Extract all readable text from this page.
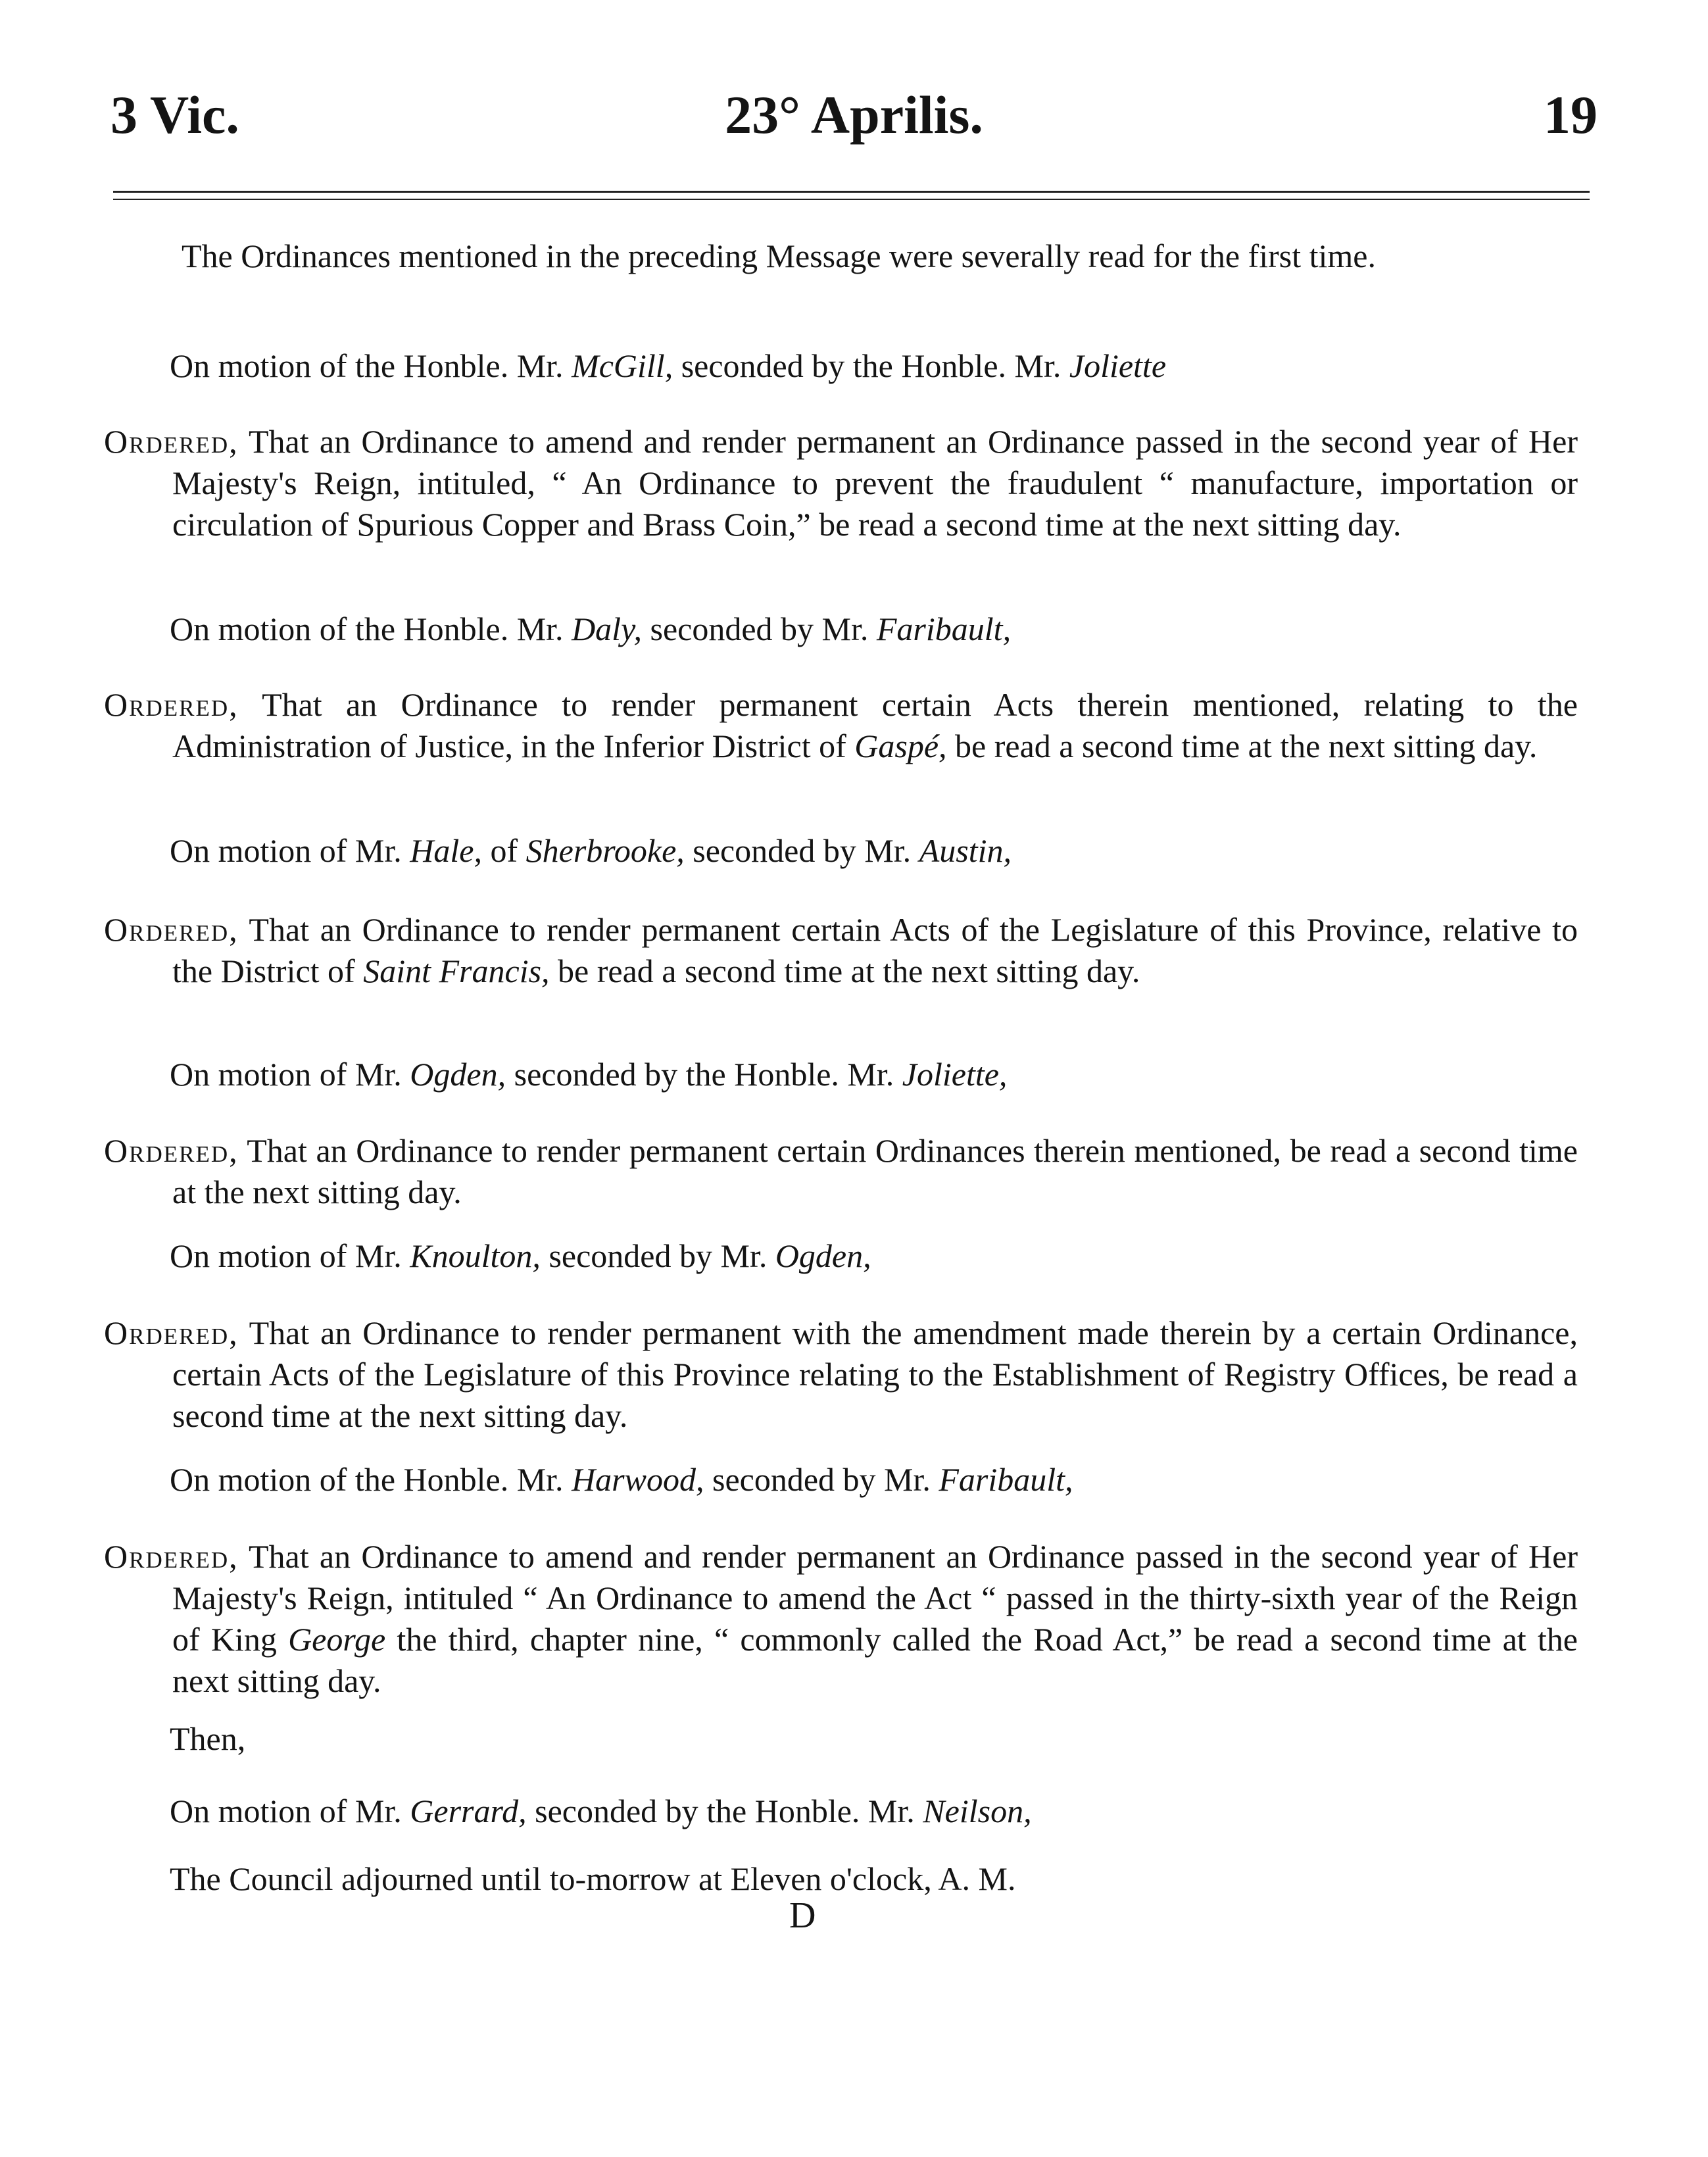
3 Vic.	23° Aprilis.	19
The Ordinances mentioned in the preceding Message were severally read for the first time.
On motion of the Honble. Mr. McGill, seconded by the Honble. Mr. Joliette
Ordered, That an Ordinance to amend and render permanent an Ordinance passed in the second year of Her Majesty's Reign, intituled, “ An Ordinance to prevent the fraudulent “ manufacture, importation or circulation of Spurious Copper and Brass Coin,” be read a second time at the next sitting day.
On motion of the Honble. Mr. Daly, seconded by Mr. Faribault,
Ordered, That an Ordinance to render permanent certain Acts therein mentioned, relating to the Administration of Justice, in the Inferior District of Gaspé, be read a second time at the next sitting day.
On motion of Mr. Hale, of Sherbrooke, seconded by Mr. Austin,
Ordered, That an Ordinance to render permanent certain Acts of the Legislature of this Province, relative to the District of Saint Francis, be read a second time at the next sitting day.
On motion of Mr. Ogden, seconded by the Honble. Mr. Joliette,
Ordered, That an Ordinance to render permanent certain Ordinances therein mentioned, be read a second time at the next sitting day.
On motion of Mr. Knoulton, seconded by Mr. Ogden,
Ordered, That an Ordinance to render permanent with the amendment made therein by a certain Ordinance, certain Acts of the Legislature of this Province relating to the Establishment of Registry Offices, be read a second time at the next sitting day.
On motion of the Honble. Mr. Harwood, seconded by Mr. Faribault,
Ordered, That an Ordinance to amend and render permanent an Ordinance passed in the second year of Her Majesty's Reign, intituled “ An Ordinance to amend the Act “ passed in the thirty-sixth year of the Reign of King George the third, chapter nine, “ commonly called the Road Act,” be read a second time at the next sitting day.
Then,
On motion of Mr. Gerrard, seconded by the Honble. Mr. Neilson,
The Council adjourned until to-morrow at Eleven o'clock, A. M.
D
